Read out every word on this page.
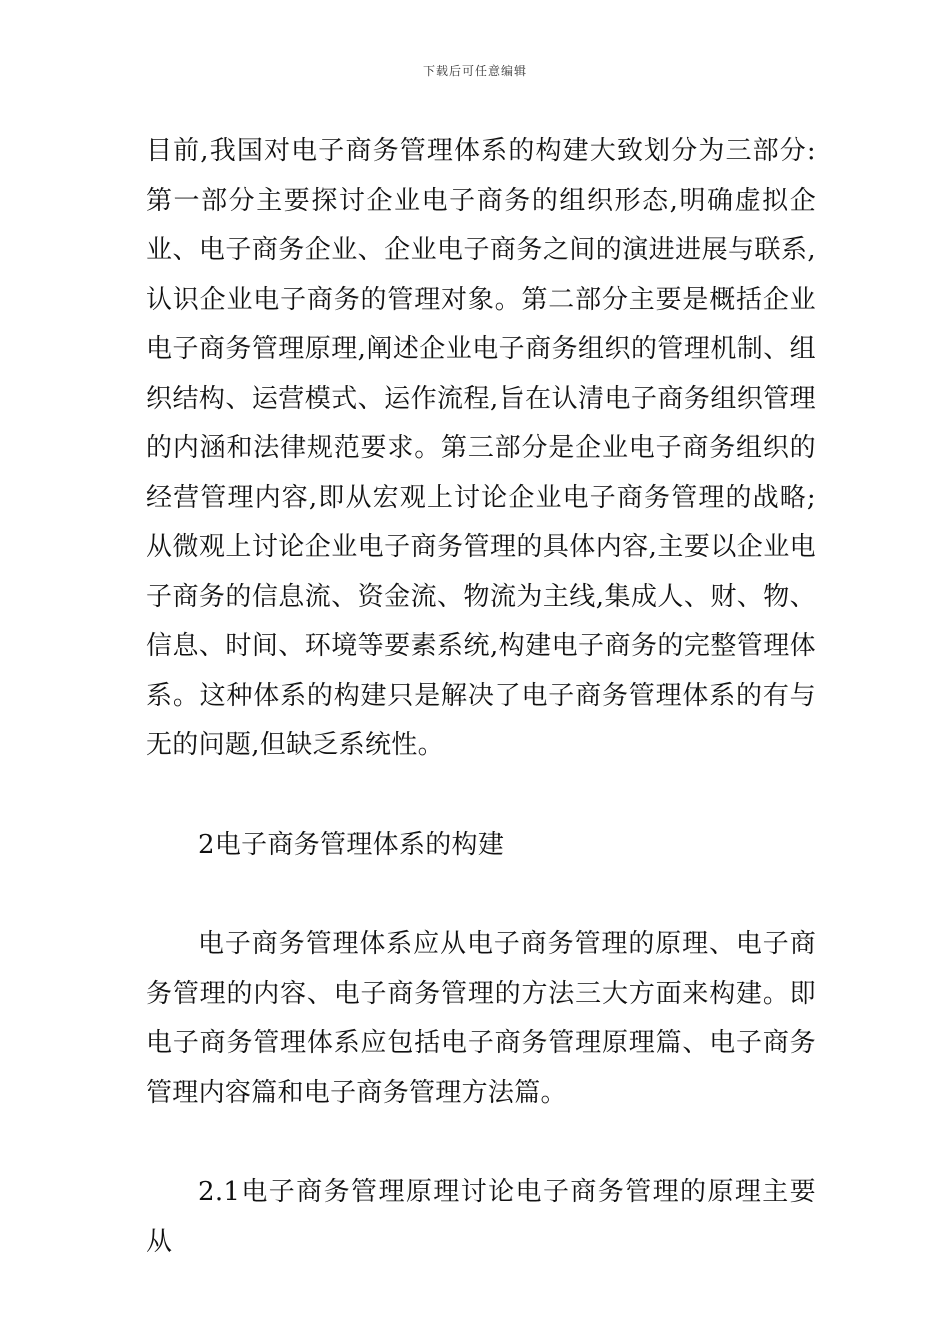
下载后可任意编辑

目前,我国对电子商务管理体系的构建大致划分为三部分:第一部分主要探讨企业电子商务的组织形态,明确虚拟企业、电子商务企业、企业电子商务之间的演进进展与联系,认识企业电子商务的管理对象。第二部分主要是概括企业电子商务管理原理,阐述企业电子商务组织的管理机制、组织结构、运营模式、运作流程,旨在认清电子商务组织管理的内涵和法律规范要求。第三部分是企业电子商务组织的经营管理内容,即从宏观上讨论企业电子商务管理的战略;从微观上讨论企业电子商务管理的具体内容,主要以企业电子商务的信息流、资金流、物流为主线,集成人、财、物、信息、时间、环境等要素系统,构建电子商务的完整管理体系。这种体系的构建只是解决了电子商务管理体系的有与无的问题,但缺乏系统性。

2电子商务管理体系的构建

电子商务管理体系应从电子商务管理的原理、电子商务管理的内容、电子商务管理的方法三大方面来构建。即电子商务管理体系应包括电子商务管理原理篇、电子商务管理内容篇和电子商务管理方法篇。

2.1电子商务管理原理讨论电子商务管理的原理主要从
